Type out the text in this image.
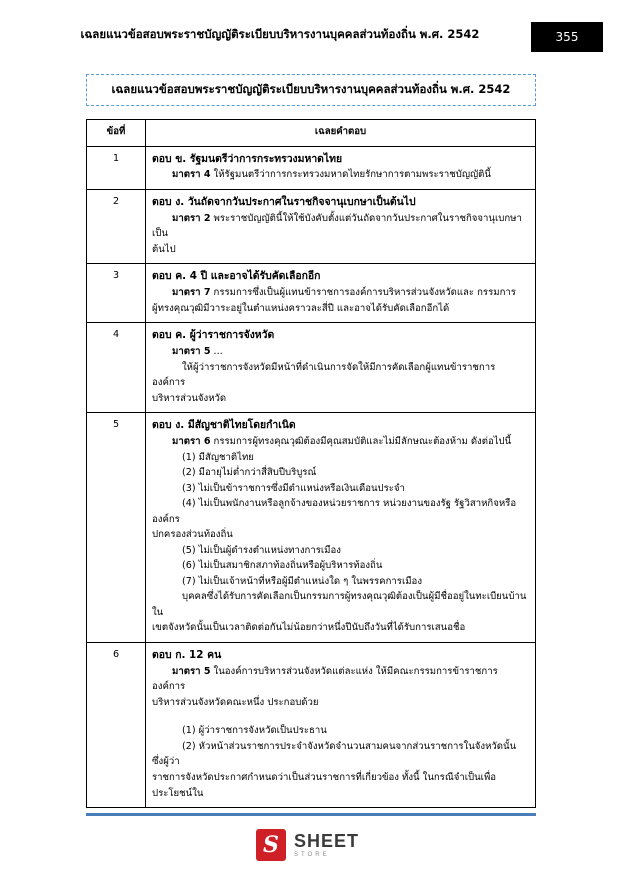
เฉลยแนวข้อสอบพระราชบัญญัติระเบียบบริหารงานบุคคลส่วนท้องถิ่น พ.ศ. 2542	355
เฉลยแนวข้อสอบพระราชบัญญัติระเบียบบริหารงานบุคคลส่วนท้องถิ่น พ.ศ. 2542
ข้อที่	เฉลยคำตอบ
1	ตอบ ข. รัฐมนตรีว่าการกระทรวงมหาดไทย
มาตรา 4 ให้รัฐมนตรีว่าการกระทรวงมหาดไทยรักษาการตามพระราชบัญญัตินี้

2	ตอบ ง. วันถัดจากวันประกาศในราชกิจจานุเบกษาเป็นต้นไป
มาตรา 2 พระราชบัญญัตินี้ให้ใช้บังคับตั้งแต่วันถัดจากวันประกาศในราชกิจจานุเบกษาเป็น
ต้นไป

3	ตอบ ค. 4 ปี และอาจได้รับคัดเลือกอีก
มาตรา 7 กรรมการซึ่งเป็นผู้แทนข้าราชการองค์การบริหารส่วนจังหวัดและ กรรมการ
ผู้ทรงคุณวุฒิมีวาระอยู่ในตำแหน่งคราวละสี่ปี และอาจได้รับคัดเลือกอีกได้

4	ตอบ ค. ผู้ว่าราชการจังหวัด
มาตรา 5 ...
ให้ผู้ว่าราชการจังหวัดมีหน้าที่ดำเนินการจัดให้มีการคัดเลือกผู้แทนข้าราชการ องค์การ
บริหารส่วนจังหวัด

5	ตอบ ง. มีสัญชาติไทยโดยกำเนิด
มาตรา 6 กรรมการผู้ทรงคุณวุฒิต้องมีคุณสมบัติและไม่มีลักษณะต้องห้าม ดังต่อไปนี้
(1) มีสัญชาติไทย
(2) มีอายุไม่ต่ำกว่าสี่สิบปีบริบูรณ์
(3) ไม่เป็นข้าราชการซึ่งมีตำแหน่งหรือเงินเดือนประจำ
(4) ไม่เป็นพนักงานหรือลูกจ้างของหน่วยราชการ หน่วยงานของรัฐ รัฐวิสาหกิจหรือองค์กร
ปกครองส่วนท้องถิ่น
(5) ไม่เป็นผู้ดำรงตำแหน่งทางการเมือง
(6) ไม่เป็นสมาชิกสภาท้องถิ่นหรือผู้บริหารท้องถิ่น
(7) ไม่เป็นเจ้าหน้าที่หรือผู้มีตำแหน่งใด ๆ ในพรรคการเมือง
บุคคลซึ่งได้รับการคัดเลือกเป็นกรรมการผู้ทรงคุณวุฒิต้องเป็นผู้มีชื่ออยู่ในทะเบียนบ้านใน
เขตจังหวัดนั้นเป็นเวลาติดต่อกันไม่น้อยกว่าหนึ่งปีนับถึงวันที่ได้รับการเสนอชื่อ

6	ตอบ ก. 12 คน
มาตรา 5 ในองค์การบริหารส่วนจังหวัดแต่ละแห่ง ให้มีคณะกรรมการข้าราชการองค์การ
บริหารส่วนจังหวัดคณะหนึ่ง ประกอบด้วย
(1) ผู้ว่าราชการจังหวัดเป็นประธาน
(2) หัวหน้าส่วนราชการประจำจังหวัดจำนวนสามคนจากส่วนราชการในจังหวัดนั้น ซึ่งผู้ว่า
ราชการจังหวัดประกาศกำหนดว่าเป็นส่วนราชการที่เกี่ยวข้อง ทั้งนี้ ในกรณีจำเป็นเพื่อประโยชน์ใน
S SHEET
STORE
